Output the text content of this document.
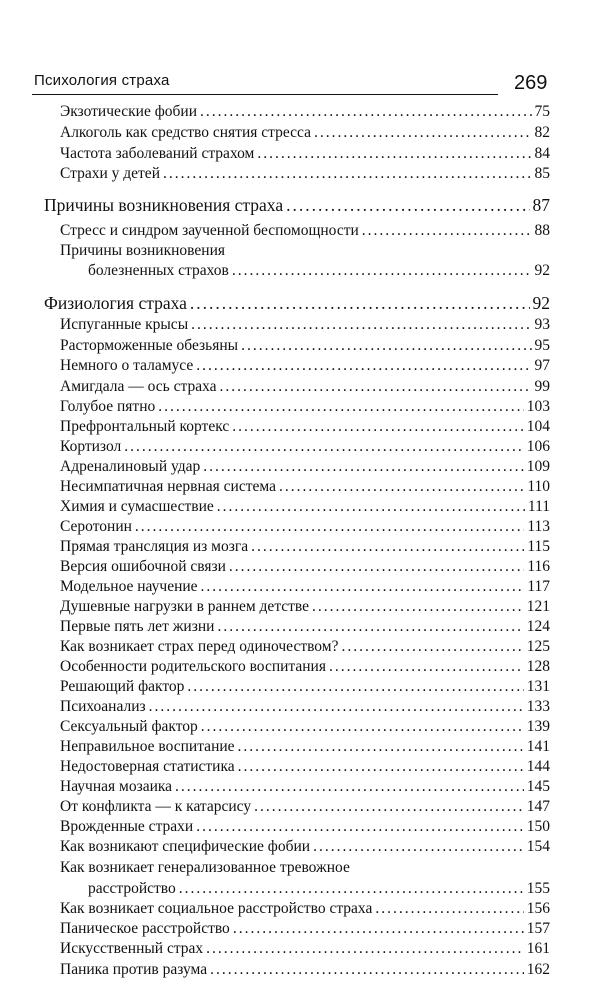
Психология страха	269
Экзотические фобии .....	75
Алкоголь как средство снятия стресса .....	82
Частота заболеваний страхом .....	84
Страхи у детей .....	85
Причины возникновения страха .....	87
Стресс и синдром заученной беспомощности .....	88
Причины возникновения
болезненных страхов .....	92
Физиология страха .....	92
Испуганные крысы .....	93
Расторможенные обезьяны .....	95
Немного о таламусе .....	97
Амигдала — ось страха .....	99
Голубое пятно .....	103
Префронтальный кортекс .....	104
Кортизол .....	106
Адреналиновый удар .....	109
Несимпатичная нервная система .....	110
Химия и сумасшествие .....	111
Серотонин .....	113
Прямая трансляция из мозга .....	115
Версия ошибочной связи .....	116
Модельное научение .....	117
Душевные нагрузки в раннем детстве .....	121
Первые пять лет жизни .....	124
Как возникает страх перед одиночеством? .....	125
Особенности родительского воспитания .....	128
Решающий фактор .....	131
Психоанализ .....	133
Сексуальный фактор .....	139
Неправильное воспитание .....	141
Недостоверная статистика .....	144
Научная мозаика .....	145
От конфликта — к катарсису .....	147
Врожденные страхи .....	150
Как возникают специфические фобии .....	154
Как возникает генерализованное тревожное
расстройство .....	155
Как возникает социальное расстройство страха .....	156
Паническое расстройство .....	157
Искусственный страх .....	161
Паника против разума .....	162
